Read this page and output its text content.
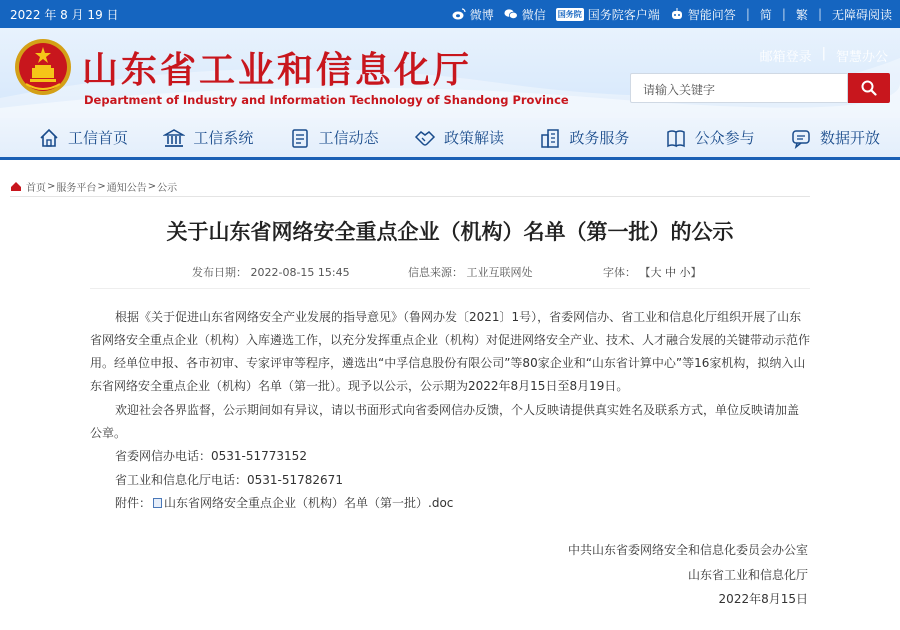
2022 年 8 月 19 日	微博 微信 国务院 国务院客户端 智能问答 | 简 | 繁 | 无障碍阅读
山东省工业和信息化厅
Department of Industry and Information Technology of Shandong Province
邮箱登录 | 智慧办公
请输入关键字
工信首页	工信系统	工信动态	政策解读	政务服务	公众参与	数据开放
首页 > 服务平台 > 通知公告 > 公示
关于山东省网络安全重点企业（机构）名单（第一批）的公示
发布日期： 2022-08-15 15:45	信息来源： 工业互联网处	字体： 【大 中 小】

根据《关于促进山东省网络安全产业发展的指导意见》（鲁网办发〔2021〕1号），省委网信办、省工业和信息化厅组织开展了山东省网络安全重点企业（机构）入库遴选工作，以充分发挥重点企业（机构）对促进网络安全产业、技术、人才融合发展的关键带动示范作用。经单位申报、各市初审、专家评审等程序，遴选出“中孚信息股份有限公司”等80家企业和“山东省计算中心”等16家机构，拟纳入山东省网络安全重点企业（机构）名单（第一批）。现予以公示，公示期为2022年8月15日至8月19日。

欢迎社会各界监督，公示期间如有异议，请以书面形式向省委网信办反馈，个人反映请提供真实姓名及联系方式，单位反映请加盖公章。

省委网信办电话：0531-51773152
省工业和信息化厅电话：0531-51782671
附件： 山东省网络安全重点企业（机构）名单（第一批）.doc
中共山东省委网络安全和信息化委员会办公室
山东省工业和信息化厅
2022年8月15日
